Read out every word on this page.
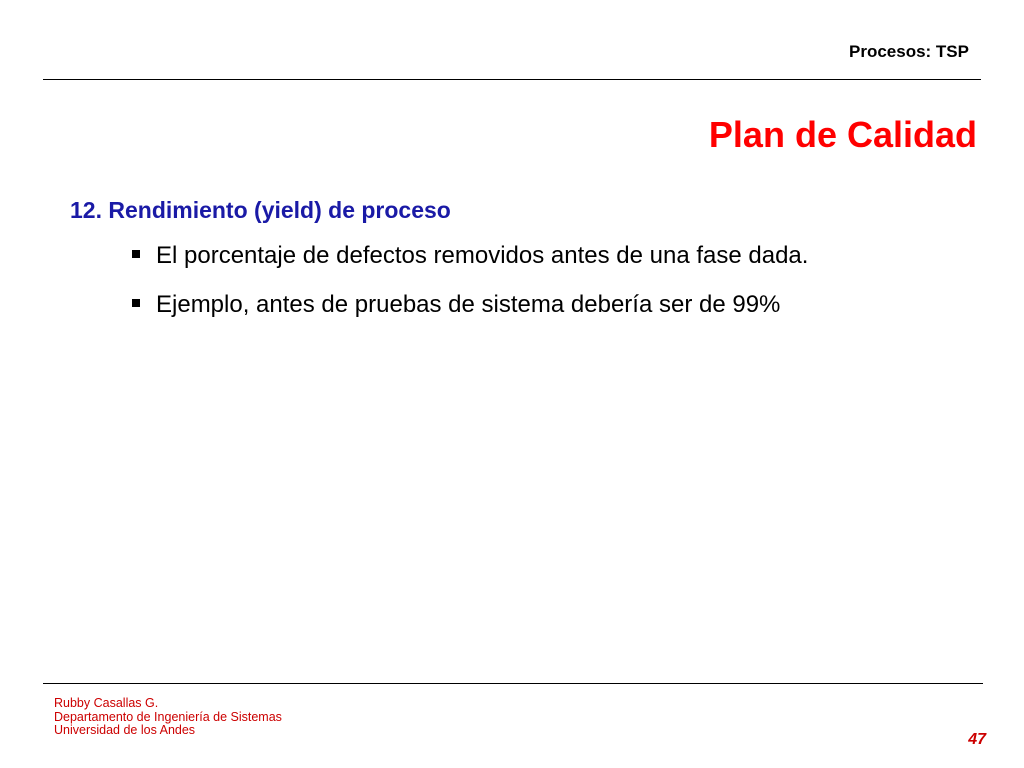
Procesos: TSP
Plan de Calidad
12. Rendimiento (yield) de proceso
El porcentaje de defectos removidos antes de una fase dada.
Ejemplo, antes de pruebas de sistema debería ser de 99%
Rubby Casallas G.
Departamento de Ingeniería de Sistemas
Universidad de los Andes
47
